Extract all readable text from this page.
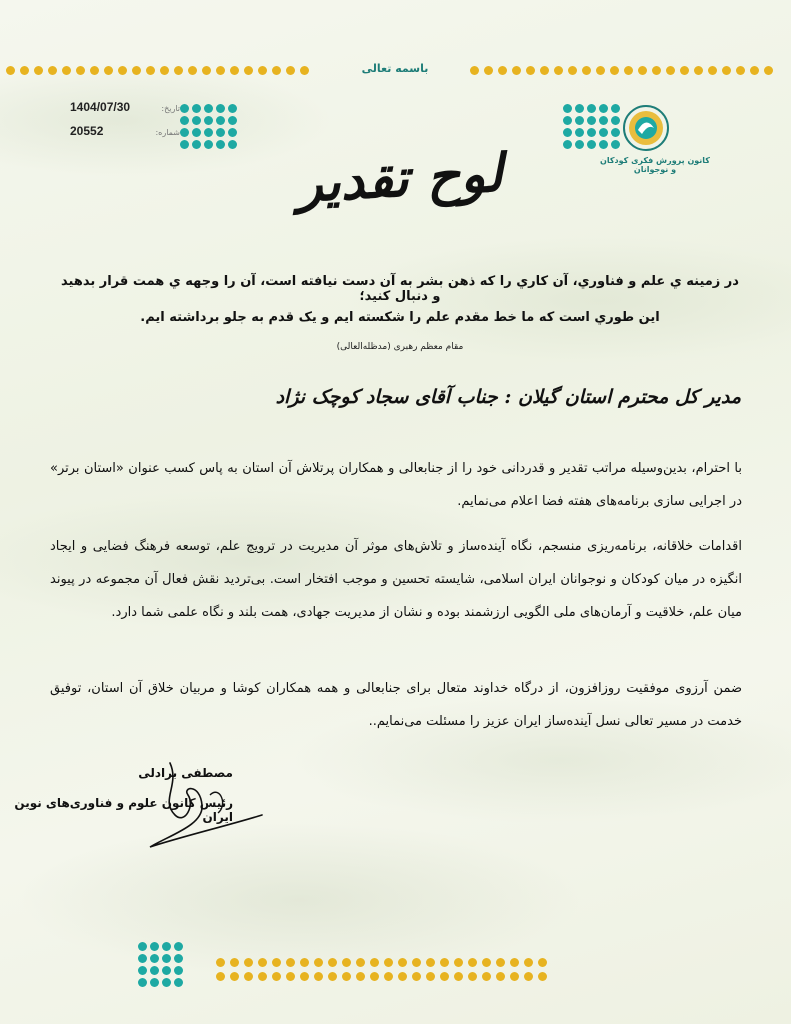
باسمه تعالی
1404/07/30	تاریخ:
20552	شماره:
کانون پرورش فکری کودکان و نوجوانان
لوح تقدیر
در زمینه ي علم و فناوري، آن كاري را که ذهن بشر به آن دست نيافته است، آن را وجهه ي همت قرار بدهید و دنبال کنید؛
این طوري است که ما خط مقدم علم را شکسته ایم و یک قدم به جلو برداشته ایم.
مقام معظم رهبری (مدظله‌العالی)
مدیر کل محترم استان گیلان : جناب آقای سجاد کوچک نژاد
با احترام، بدین‌وسیله مراتب تقدیر و قدردانی خود را از جنابعالی و همکاران پرتلاش آن استان به پاس کسب عنوان «استان برتر» در اجرایی سازی برنامه‌های هفته فضا اعلام می‌نمایم.
اقدامات خلاقانه، برنامه‌ریزی منسجم، نگاه آینده‌ساز و تلاش‌های موثر آن مدیریت در ترویج علم، توسعه فرهنگ فضایی و ایجاد انگیزه در میان کودکان و نوجوانان ایران اسلامی، شایسته تحسین و موجب افتخار است. بی‌تردید نقش فعال آن مجموعه در پیوند میان علم، خلاقیت و آرمان‌های ملی الگویی ارزشمند بوده و نشان از مدیریت جهادی، همت بلند و نگاه علمی شما دارد.
ضمن آرزوی موفقیت روزافزون، از درگاه خداوند متعال برای جنابعالی و همه همکاران کوشا و مربیان خلاق آن استان، توفیق خدمت در مسیر تعالی نسل آینده‌ساز ایران عزیز را مسئلت می‌نمایم..
مصطفی برادلی
رئیس کانون علوم و فناوری‌های نوین ایران
